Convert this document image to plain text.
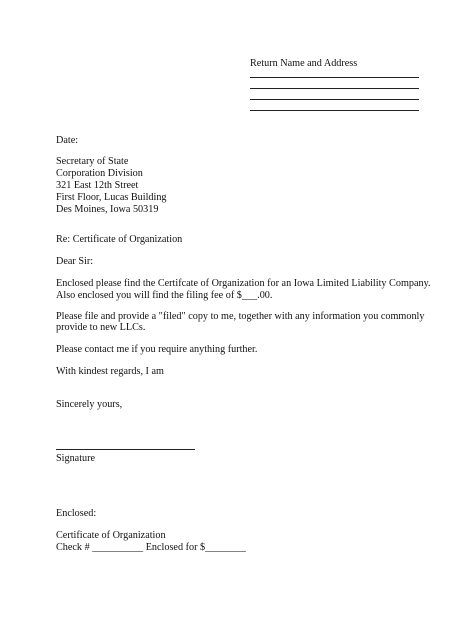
Return Name and Address
Date:
Secretary of State
Corporation Division
321 East 12th Street
First Floor, Lucas Building
Des Moines, Iowa 50319
Re: Certificate of Organization
Dear Sir:
Enclosed please find the Certifcate of Organization for an Iowa Limited Liability Company.
Also enclosed you will find the filing fee of $___.00.
Please file and provide a "filed" copy to me, together with any information you commonly
provide to new LLCs.
Please contact me if you require anything further.
With kindest regards, I am
Sincerely yours,
Signature
Enclosed:
Certificate of Organization
Check # __________ Enclosed for $________
